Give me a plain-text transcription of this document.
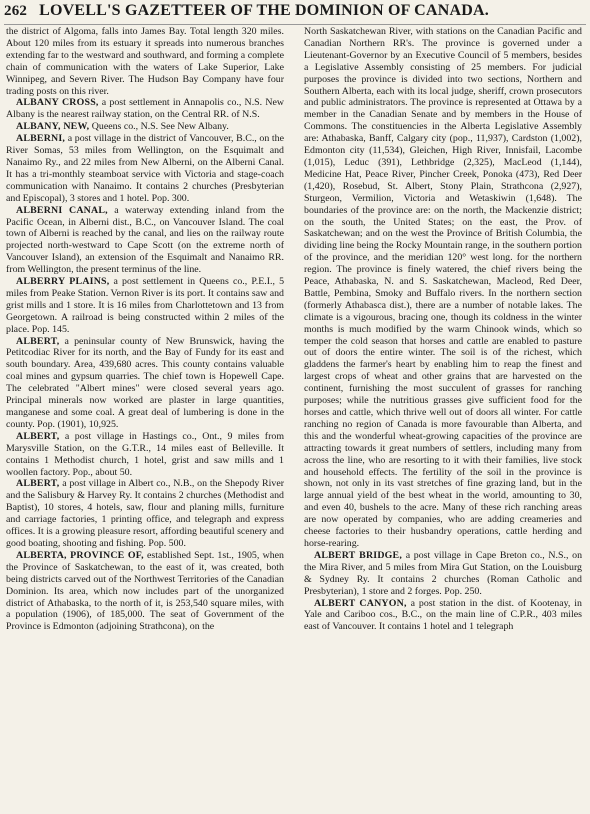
262 LOVELL'S GAZETTEER OF THE DOMINION OF CANADA.

the district of Algoma, falls into James Bay. Total length 320 miles. About 120 miles from its estuary it spreads into numerous branches extending far to the westward and southward, and forming a complete chain of communication with the waters of Lake Superior, Lake Winnipeg, and Severn River. The Hudson Bay Company have four trading posts on this river.

ALBANY CROSS, a post settlement in Annapolis co., N.S. New Albany is the nearest railway station, on the Central RR. of N.S.

ALBANY, NEW, Queens co., N.S. See New Albany.

ALBERNI, a post village in the district of Vancouver, B.C., on the River Somas, 53 miles from Wellington, on the Esquimalt and Nanaimo Ry., and 22 miles from New Alberni, on the Alberni Canal. It has a tri-monthly steamboat service with Victoria and stage-coach communication with Nanaimo. It contains 2 churches (Presbyterian and Episcopal), 3 stores and 1 hotel. Pop. 300.

ALBERNI CANAL, a waterway extending inland from the Pacific Ocean, in Alberni dist., B.C., on Vancouver Island. The coal town of Alberni is reached by the canal, and lies on the railway route projected north-westward to Cape Scott (on the extreme north of Vancouver Island), an extension of the Esquimalt and Nanaimo RR. from Wellington, the present terminus of the line.

ALBERRY PLAINS, a post settlement in Queens co., P.E.I., 5 miles from Peake Station. Vernon River is its port. It contains saw and grist mills and 1 store. It is 16 miles from Charlottetown and 13 from Georgetown. A railroad is being constructed within 2 miles of the place. Pop. 145.

ALBERT, a peninsular county of New Brunswick, having the Petitcodiac River for its north, and the Bay of Fundy for its east and south boundary. Area, 439,680 acres. This county contains valuable coal mines and gypsum quarries. The chief town is Hopewell Cape. The celebrated "Albert mines" were closed several years ago. Principal minerals now worked are plaster in large quantities, manganese and some coal. A great deal of lumbering is done in the county. Pop. (1901), 10,925.

ALBERT, a post village in Hastings co., Ont., 9 miles from Marysville Station, on the G.T.R., 14 miles east of Belleville. It contains 1 Methodist church, 1 hotel, grist and saw mills and 1 woollen factory. Pop., about 50.

ALBERT, a post village in Albert co., N.B., on the Shepody River and the Salisbury & Harvey Ry. It contains 2 churches (Methodist and Baptist), 10 stores, 4 hotels, saw, flour and planing mills, furniture and carriage factories, 1 printing office, and telegraph and express offices. It is a growing pleasure resort, affording beautiful scenery and good boating, shooting and fishing. Pop. 500.

ALBERTA, PROVINCE OF, established Sept. 1st., 1905, when the Province of Saskatchewan, to the east of it, was created, both being districts carved out of the Northwest Territories of the Canadian Dominion. Its area, which now includes part of the unorganized district of Athabaska, to the north of it, is 253,540 square miles, with a population (1906), of 185,000. The seat of Government of the Province is Edmonton (adjoining Strathcona), on the

North Saskatchewan River, with stations on the Canadian Pacific and Canadian Northern RR's. The province is governed under a Lieutenant-Governor by an Executive Council of 5 members, besides a Legislative Assembly consisting of 25 members. For judicial purposes the province is divided into two sections, Northern and Southern Alberta, each with its local judge, sheriff, crown prosecutors and public administrators. The province is represented at Ottawa by a member in the Canadian Senate and by members in the House of Commons. The constituencies in the Alberta Legislative Assembly are: Athabaska, Banff, Calgary city (pop., 11,937), Cardston (1,002), Edmonton city (11,534), Gleichen, High River, Innisfail, Lacombe (1,015), Leduc (391), Lethbridge (2,325), MacLeod (1,144), Medicine Hat, Peace River, Pincher Creek, Ponoka (473), Red Deer (1,420), Rosebud, St. Albert, Stony Plain, Strathcona (2,927), Sturgeon, Vermilion, Victoria and Wetaskiwin (1,648). The boundaries of the province are: on the north, the Mackenzie district; on the south, the United States; on the east, the Prov. of Saskatchewan; and on the west the Province of British Columbia, the dividing line being the Rocky Mountain range, in the southern portion of the province, and the meridian 120° west long. for the northern region. The province is finely watered, the chief rivers being the Peace, Athabaska, N. and S. Saskatchewan, Macleod, Red Deer, Battle, Pembina, Smoky and Buffalo rivers. In the northern section (formerly Athabasca dist.), there are a number of notable lakes. The climate is a vigourous, bracing one, though its coldness in the winter months is much modified by the warm Chinook winds, which so temper the cold season that horses and cattle are enabled to pasture out of doors the entire winter. The soil is of the richest, which gladdens the farmer's heart by enabling him to reap the finest and largest crops of wheat and other grains that are harvested on the continent, furnishing the most succulent of grasses for ranching purposes; while the nutritious grasses give sufficient food for the horses and cattle, which thrive well out of doors all winter. For cattle ranching no region of Canada is more favourable than Alberta, and this and the wonderful wheat-growing capacities of the province are attracting towards it great numbers of settlers, including many from across the line, who are resorting to it with their families, live stock and household effects. The fertility of the soil in the province is shown, not only in its vast stretches of fine grazing land, but in the large annual yield of the best wheat in the world, amounting to 30, and even 40, bushels to the acre. Many of these rich ranching areas are now operated by companies, who are adding creameries and cheese factories to their husbandry operations, cattle herding and horse-rearing.

ALBERT BRIDGE, a post village in Cape Breton co., N.S., on the Mira River, and 5 miles from Mira Gut Station, on the Louisburg & Sydney Ry. It contains 2 churches (Roman Catholic and Presbyterian), 1 store and 2 forges. Pop. 250.

ALBERT CANYON, a post station in the dist. of Kootenay, in Yale and Cariboo cos., B.C., on the main line of C.P.R., 403 miles east of Vancouver. It contains 1 hotel and 1 telegraph
